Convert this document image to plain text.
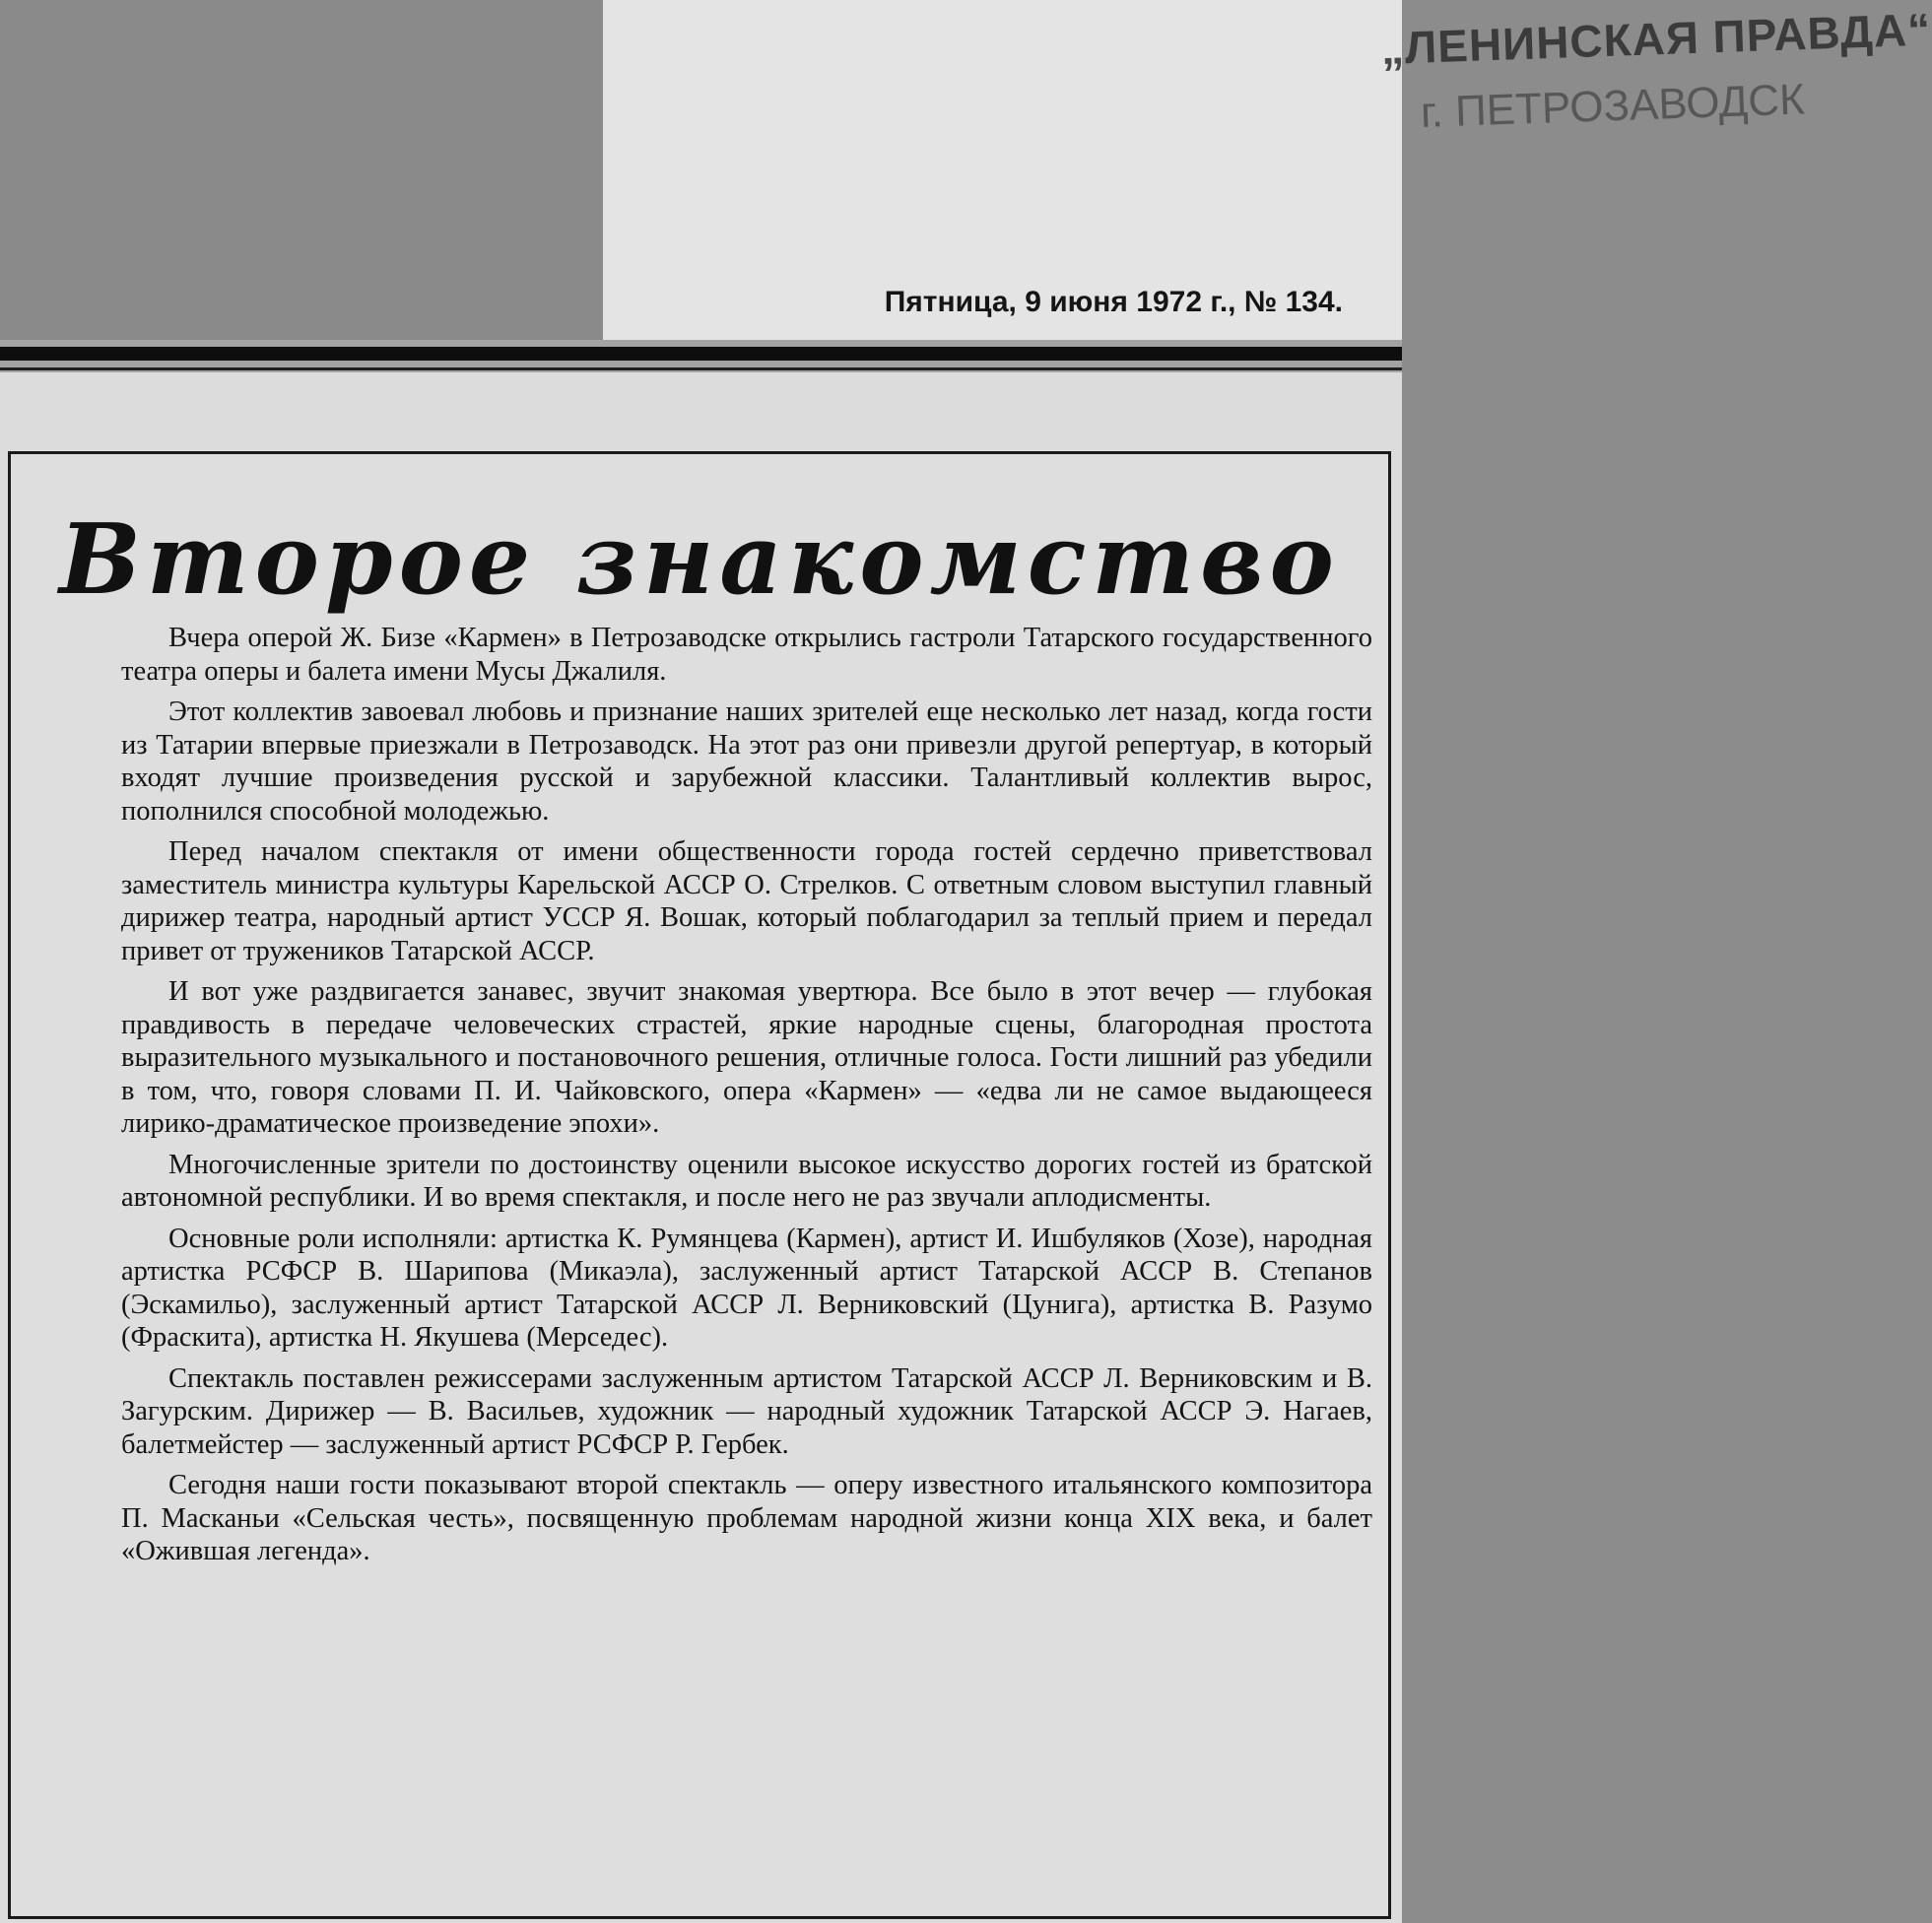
„ЛЕНИНСКАЯ ПРАВДА“
г. ПЕТРОЗАВОДСК
Пятница, 9 июня 1972 г., № 134.
Второе знакомство

Вчера оперой Ж. Бизе «Кармен» в Петрозаводске открылись гастроли Татарского государственного театра оперы и балета имени Мусы Джалиля.

Этот коллектив завоевал любовь и признание наших зрителей еще несколько лет назад, когда гости из Татарии впервые приезжали в Петрозаводск. На этот раз они привезли другой репертуар, в который входят лучшие произведения русской и зарубежной классики. Талантливый коллектив вырос, пополнился способной молодежью.

Перед началом спектакля от имени общественности города гостей сердечно приветствовал заместитель министра культуры Карельской АССР О. Стрелков. С ответным словом выступил главный дирижер театра, народный артист УССР Я. Вошак, который поблагодарил за теплый прием и передал привет от тружеников Татарской АССР.

И вот уже раздвигается занавес, звучит знакомая увертюра. Все было в этот вечер — глубокая правдивость в передаче человеческих страстей, яркие народные сцены, благородная простота выразительного музыкального и постановочного решения, отличные голоса. Гости лишний раз убедили в том, что, говоря словами П. И. Чайковского, опера «Кармен» — «едва ли не самое выдающееся лирико-драматическое произведение эпохи».

Многочисленные зрители по достоинству оценили высокое искусство дорогих гостей из братской автономной республики. И во время спектакля, и после него не раз звучали аплодисменты.

Основные роли исполняли: артистка К. Румянцева (Кармен), артист И. Ишбуляков (Хозе), народная артистка РСФСР В. Шарипова (Микаэла), заслуженный артист Татарской АССР В. Степанов (Эскамильо), заслуженный артист Татарской АССР Л. Верниковский (Цунига), артистка В. Разумо (Фраскита), артистка Н. Якушева (Мерседес).

Спектакль поставлен режиссерами заслуженным артистом Татарской АССР Л. Верниковским и В. Загурским. Дирижер — В. Васильев, художник — народный художник Татарской АССР Э. Нагаев, балетмейстер — заслуженный артист РСФСР Р. Гербек.

Сегодня наши гости показывают второй спектакль — оперу известного итальянского композитора П. Масканьи «Сельская честь», посвященную проблемам народной жизни конца XIX века, и балет «Ожившая легенда».
